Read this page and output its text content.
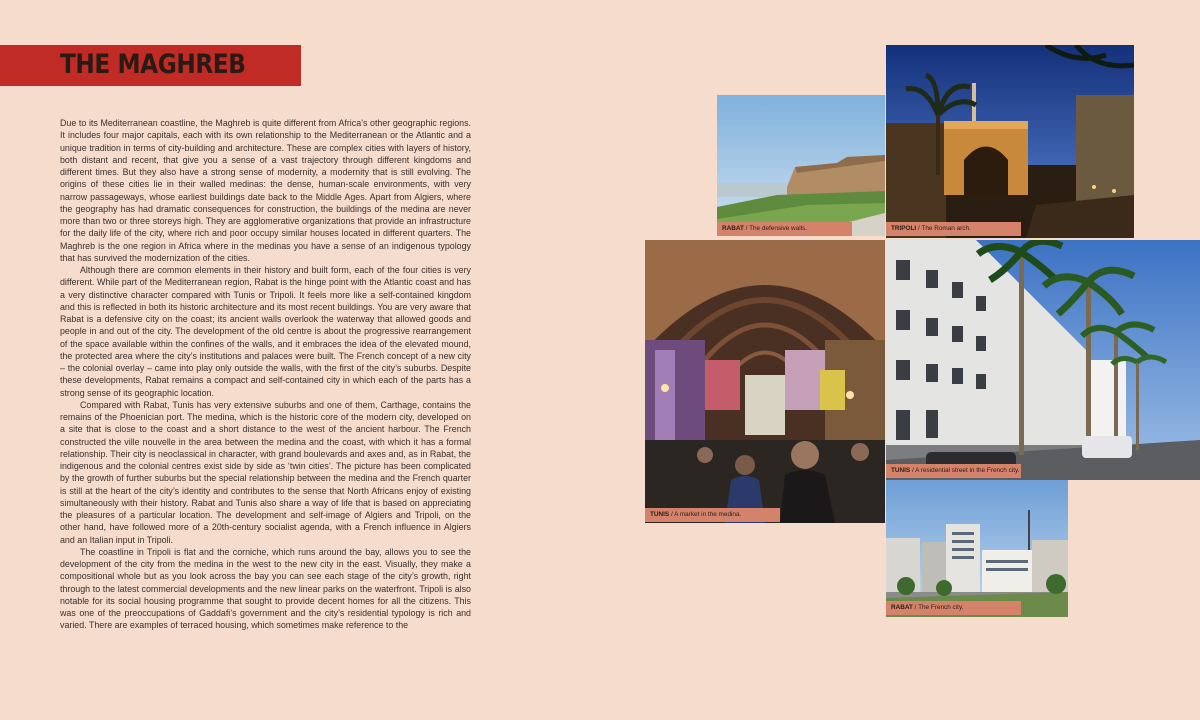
THE MAGHREB

Due to its Mediterranean coastline, the Maghreb is quite different from Africa’s other geographic regions. It includes four major capitals, each with its own relationship to the Mediterranean or the Atlantic and a unique tradition in terms of city-building and architecture. These are complex cities with layers of history, both distant and recent, that give you a sense of a vast trajectory through different kingdoms and different times. But they also have a strong sense of modernity, a modernity that is still evolving. The origins of these cities lie in their walled medinas: the dense, human-scale environments, with very narrow passageways, whose earliest buildings date back to the Middle Ages. Apart from Algiers, where the geography has had dramatic consequences for construction, the buildings of the medina are never more than two or three storeys high. They are agglomerative organizations that provide an infrastructure for the daily life of the city, where rich and poor occupy similar houses located in different quarters. The Maghreb is the one region in Africa where in the medinas you have a sense of an indigenous typology that has survived the modernization of the cities.

Although there are common elements in their history and built form, each of the four cities is very different. While part of the Mediterranean region, Rabat is the hinge point with the Atlantic coast and has a very distinctive character compared with Tunis or Tripoli. It feels more like a self-contained kingdom and this is reflected in both its historic architecture and its most recent buildings. You are very aware that Rabat is a defensive city on the coast; its ancient walls overlook the waterway that allowed goods and people in and out of the city. The development of the old centre is about the progressive rearrangement of the space available within the confines of the walls, and it embraces the idea of the elevated mound, the protected area where the city’s institutions and palaces were built. The French concept of a new city – the colonial overlay – came into play only outside the walls, with the first of the city’s suburbs. Despite these developments, Rabat remains a compact and self-contained city in which each of the parts has a strong sense of its geographic location.

Compared with Rabat, Tunis has very extensive suburbs and one of them, Carthage, contains the remains of the Phoenician port. The medina, which is the historic core of the modern city, developed on a site that is close to the coast and a short distance to the west of the ancient harbour. The French constructed the ville nouvelle in the area between the medina and the coast, with which it has a formal relationship. Their city is neoclassical in character, with grand boulevards and axes and, as in Rabat, the indigenous and the colonial centres exist side by side as ‘twin cities’. The picture has been complicated by the growth of further suburbs but the special relationship between the medina and the French quarter is still at the heart of the city’s identity and contributes to the sense that North Africans enjoy of existing simultaneously with their history. Rabat and Tunis also share a way of life that is based on appreciating the pleasures of a particular location. The development and self-image of Algiers and Tripoli, on the other hand, have followed more of a 20th-century socialist agenda, with a French influence in Algiers and an Italian input in Tripoli.

The coastline in Tripoli is flat and the corniche, which runs around the bay, allows you to see the development of the city from the medina in the west to the new city in the east. Visually, they make a compositional whole but as you look across the bay you can see each stage of the city’s growth, right through to the latest commercial developments and the new linear parks on the waterfront. Tripoli is also notable for its social housing programme that sought to provide decent homes for all the citizens. This was one of the preoccupations of Gaddafi’s government and the city’s residential typology is rich and varied. There are examples of terraced housing, which sometimes make reference to the

RABAT / The defensive walls.	TRIPOLI / The Roman arch.
TUNIS / A market in the medina.
TUNIS / A residential street in the French city.
RABAT / The French city.
